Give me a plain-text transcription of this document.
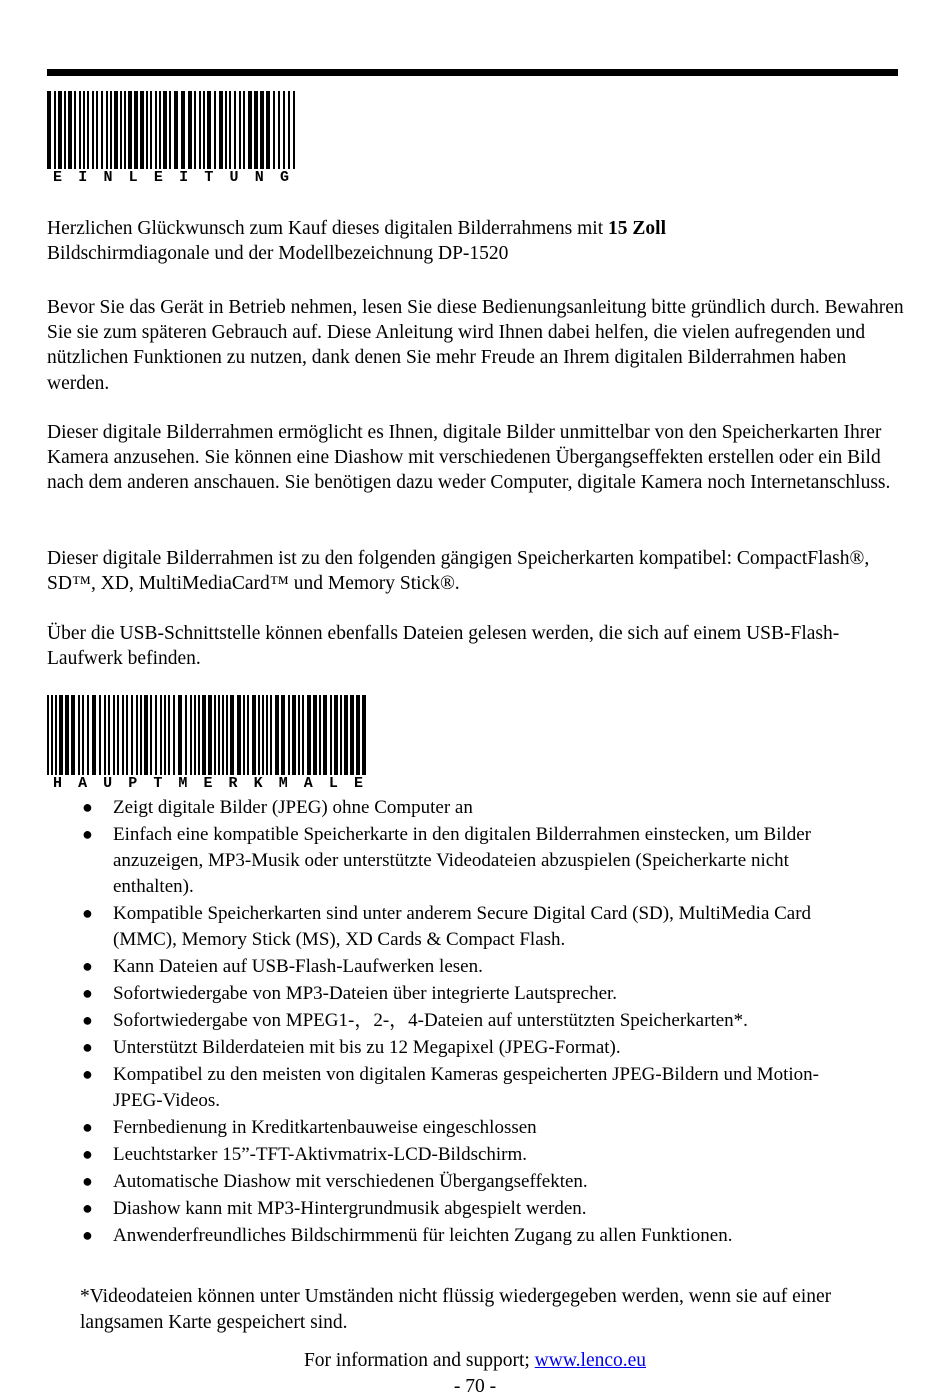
E I N L E I T U N G

Herzlichen Glückwunsch zum Kauf dieses digitalen Bilderrahmens mit 15 Zoll
Bildschirmdiagonale und der Modellbezeichnung DP-1520

Bevor Sie das Gerät in Betrieb nehmen, lesen Sie diese Bedienungsanleitung bitte gründlich durch. Bewahren Sie sie zum späteren Gebrauch auf. Diese Anleitung wird Ihnen dabei helfen, die vielen aufregenden und nützlichen Funktionen zu nutzen, dank denen Sie mehr Freude an Ihrem digitalen Bilderrahmen haben werden.

Dieser digitale Bilderrahmen ermöglicht es Ihnen, digitale Bilder unmittelbar von den Speicherkarten Ihrer Kamera anzusehen. Sie können eine Diashow mit verschiedenen Übergangseffekten erstellen oder ein Bild nach dem anderen anschauen. Sie benötigen dazu weder Computer, digitale Kamera noch Internetanschluss.

Dieser digitale Bilderrahmen ist zu den folgenden gängigen Speicherkarten kompatibel: CompactFlash®, SD™, XD, MultiMediaCard™ und Memory Stick®.

Über die USB-Schnittstelle können ebenfalls Dateien gelesen werden, die sich auf einem USB-Flash-Laufwerk befinden.

H A U P T M E R K M A L E
● Zeigt digitale Bilder (JPEG) ohne Computer an
● Einfach eine kompatible Speicherkarte in den digitalen Bilderrahmen einstecken, um Bilder anzuzeigen, MP3-Musik oder unterstützte Videodateien abzuspielen (Speicherkarte nicht enthalten).
● Kompatible Speicherkarten sind unter anderem Secure Digital Card (SD), MultiMedia Card (MMC), Memory Stick (MS), XD Cards & Compact Flash.
● Kann Dateien auf USB-Flash-Laufwerken lesen.
● Sofortwiedergabe von MP3-Dateien über integrierte Lautsprecher.
● Sofortwiedergabe von MPEG1-，2-，4-Dateien auf unterstützten Speicherkarten*.
● Unterstützt Bilderdateien mit bis zu 12 Megapixel (JPEG-Format).
● Kompatibel zu den meisten von digitalen Kameras gespeicherten JPEG-Bildern und Motion-JPEG-Videos.
● Fernbedienung in Kreditkartenbauweise eingeschlossen
● Leuchtstarker 15”-TFT-Aktivmatrix-LCD-Bildschirm.
● Automatische Diashow mit verschiedenen Übergangseffekten.
● Diashow kann mit MP3-Hintergrundmusik abgespielt werden.
● Anwenderfreundliches Bildschirmmenü für leichten Zugang zu allen Funktionen.

*Videodateien können unter Umständen nicht flüssig wiedergegeben werden, wenn sie auf einer langsamen Karte gespeichert sind.

For information and support; www.lenco.eu
- 70 -
